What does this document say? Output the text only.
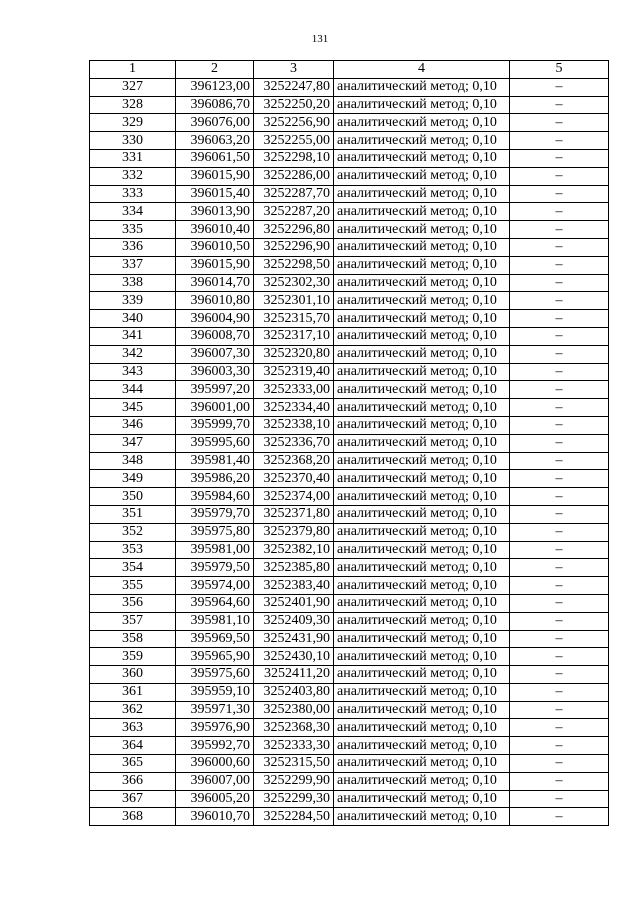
131
1	2	3	4	5
327	396123,00	3252247,80	аналитический метод; 0,10	–
328	396086,70	3252250,20	аналитический метод; 0,10	–
329	396076,00	3252256,90	аналитический метод; 0,10	–
330	396063,20	3252255,00	аналитический метод; 0,10	–
331	396061,50	3252298,10	аналитический метод; 0,10	–
332	396015,90	3252286,00	аналитический метод; 0,10	–
333	396015,40	3252287,70	аналитический метод; 0,10	–
334	396013,90	3252287,20	аналитический метод; 0,10	–
335	396010,40	3252296,80	аналитический метод; 0,10	–
336	396010,50	3252296,90	аналитический метод; 0,10	–
337	396015,90	3252298,50	аналитический метод; 0,10	–
338	396014,70	3252302,30	аналитический метод; 0,10	–
339	396010,80	3252301,10	аналитический метод; 0,10	–
340	396004,90	3252315,70	аналитический метод; 0,10	–
341	396008,70	3252317,10	аналитический метод; 0,10	–
342	396007,30	3252320,80	аналитический метод; 0,10	–
343	396003,30	3252319,40	аналитический метод; 0,10	–
344	395997,20	3252333,00	аналитический метод; 0,10	–
345	396001,00	3252334,40	аналитический метод; 0,10	–
346	395999,70	3252338,10	аналитический метод; 0,10	–
347	395995,60	3252336,70	аналитический метод; 0,10	–
348	395981,40	3252368,20	аналитический метод; 0,10	–
349	395986,20	3252370,40	аналитический метод; 0,10	–
350	395984,60	3252374,00	аналитический метод; 0,10	–
351	395979,70	3252371,80	аналитический метод; 0,10	–
352	395975,80	3252379,80	аналитический метод; 0,10	–
353	395981,00	3252382,10	аналитический метод; 0,10	–
354	395979,50	3252385,80	аналитический метод; 0,10	–
355	395974,00	3252383,40	аналитический метод; 0,10	–
356	395964,60	3252401,90	аналитический метод; 0,10	–
357	395981,10	3252409,30	аналитический метод; 0,10	–
358	395969,50	3252431,90	аналитический метод; 0,10	–
359	395965,90	3252430,10	аналитический метод; 0,10	–
360	395975,60	3252411,20	аналитический метод; 0,10	–
361	395959,10	3252403,80	аналитический метод; 0,10	–
362	395971,30	3252380,00	аналитический метод; 0,10	–
363	395976,90	3252368,30	аналитический метод; 0,10	–
364	395992,70	3252333,30	аналитический метод; 0,10	–
365	396000,60	3252315,50	аналитический метод; 0,10	–
366	396007,00	3252299,90	аналитический метод; 0,10	–
367	396005,20	3252299,30	аналитический метод; 0,10	–
368	396010,70	3252284,50	аналитический метод; 0,10	–
